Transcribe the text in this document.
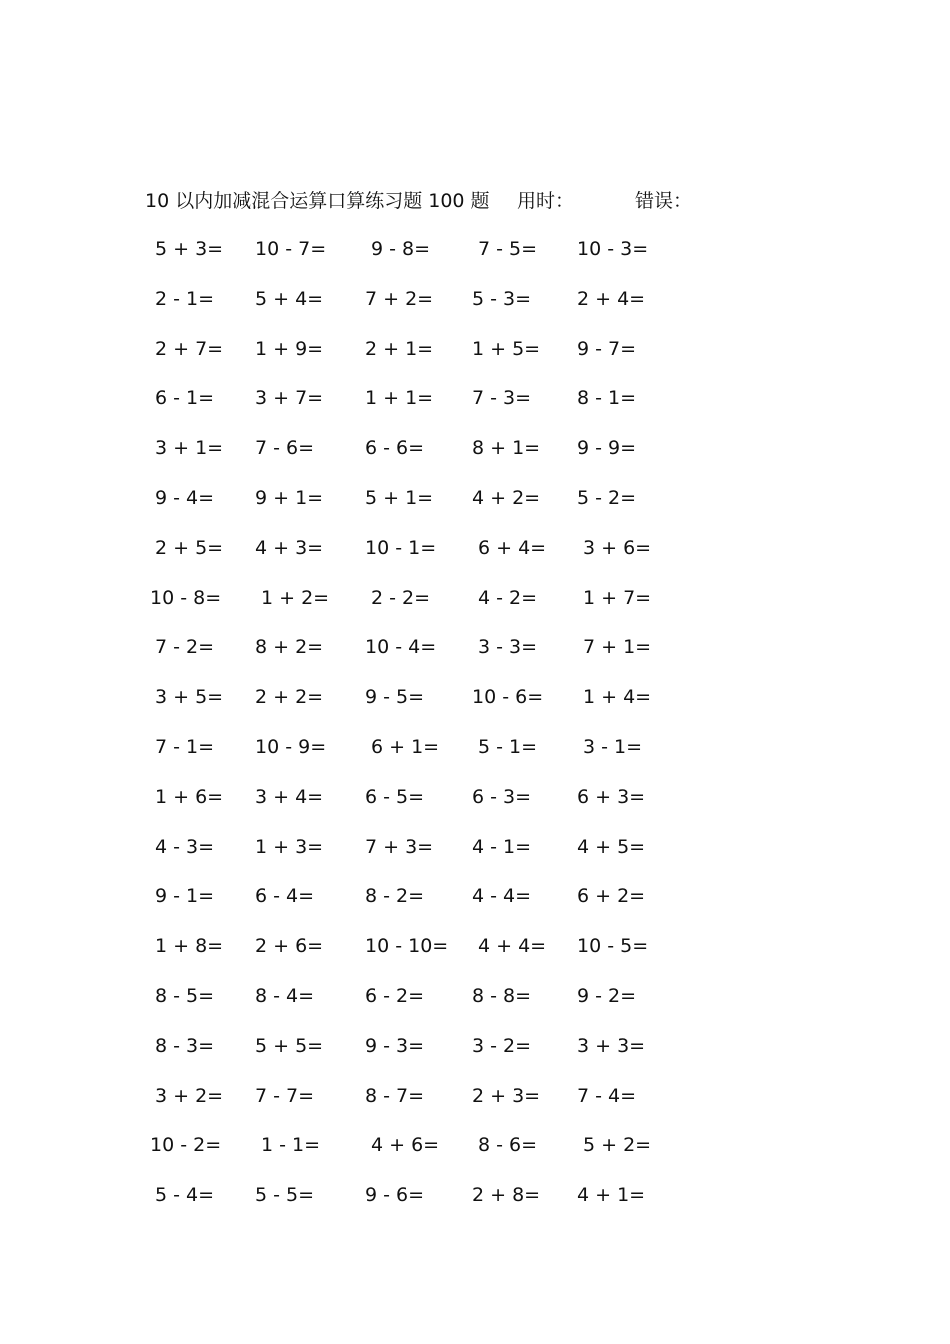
10 以内加减混合运算口算练习题 100 题 用时：	错误：
5 + 3= 10 - 7= 9 - 8=	7 - 5= 10 - 3=
2 - 1= 5 + 4= 7 + 2= 5 - 3= 2 + 4=
2 + 7= 1 + 9= 2 + 1= 1 + 5= 9 - 7=
6 - 1= 3 + 7= 1 + 1= 7 - 3= 8 - 1=
3 + 1= 7 - 6=	6 - 6=	8 + 1= 9 - 9=
9 - 4= 9 + 1= 5 + 1= 4 + 2= 5 - 2=
2 + 5= 4 + 3= 10 - 1= 6 + 4= 3 + 6=
10 - 8= 1 + 2= 2 - 2=	4 - 2= 1 + 7=
7 - 2= 8 + 2= 10 - 4= 3 - 3= 7 + 1=
3 + 5= 2 + 2= 9 - 5=	10 - 6= 1 + 4=
7 - 1= 10 - 9= 6 + 1= 5 - 1= 3 - 1=
1 + 6= 3 + 4= 6 - 5=	6 - 3= 6 + 3=
4 - 3= 1 + 3= 7 + 3= 4 - 1= 4 + 5=
9 - 1= 6 - 4=	8 - 2=	4 - 4= 6 + 2=
1 + 8= 2 + 6= 10 - 10= 4 + 4= 10 - 5=
8 - 5= 8 - 4=	6 - 2=	8 - 8= 9 - 2=
8 - 3= 5 + 5= 9 - 3=	3 - 2= 3 + 3=
3 + 2= 7 - 7=	8 - 7=	2 + 3= 7 - 4=
10 - 2= 1 - 1=	4 + 6= 8 - 6= 5 + 2=
5 - 4= 5 - 5=	9 - 6=	2 + 8= 4 + 1=
